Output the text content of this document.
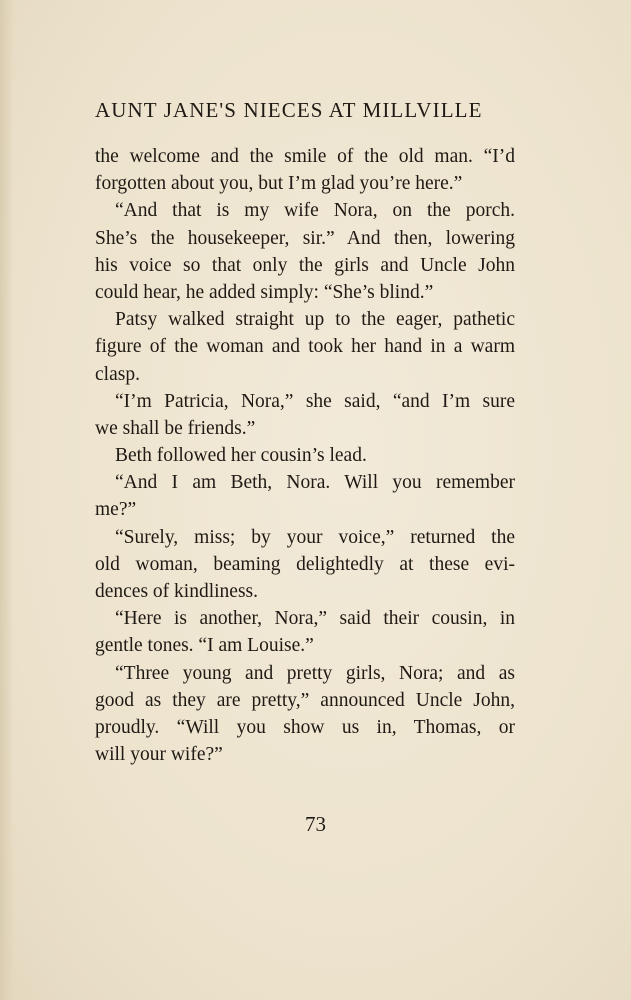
AUNT JANE'S NIECES AT MILLVILLE
the welcome and the smile of the old man. “I’d
forgotten about you, but I’m glad you’re here.”
“And that is my wife Nora, on the porch.
She’s the housekeeper, sir.” And then, lowering
his voice so that only the girls and Uncle John
could hear, he added simply: “She’s blind.”
Patsy walked straight up to the eager, pathetic
figure of the woman and took her hand in a warm
clasp.
“I’m Patricia, Nora,” she said, “and I’m sure
we shall be friends.”
Beth followed her cousin’s lead.
“And I am Beth, Nora. Will you remember
me?”
“Surely, miss; by your voice,” returned the
old woman, beaming delightedly at these evi-
dences of kindliness.
“Here is another, Nora,” said their cousin, in
gentle tones. “I am Louise.”
“Three young and pretty girls, Nora; and as
good as they are pretty,” announced Uncle John,
proudly. “Will you show us in, Thomas, or
will your wife?”
73
